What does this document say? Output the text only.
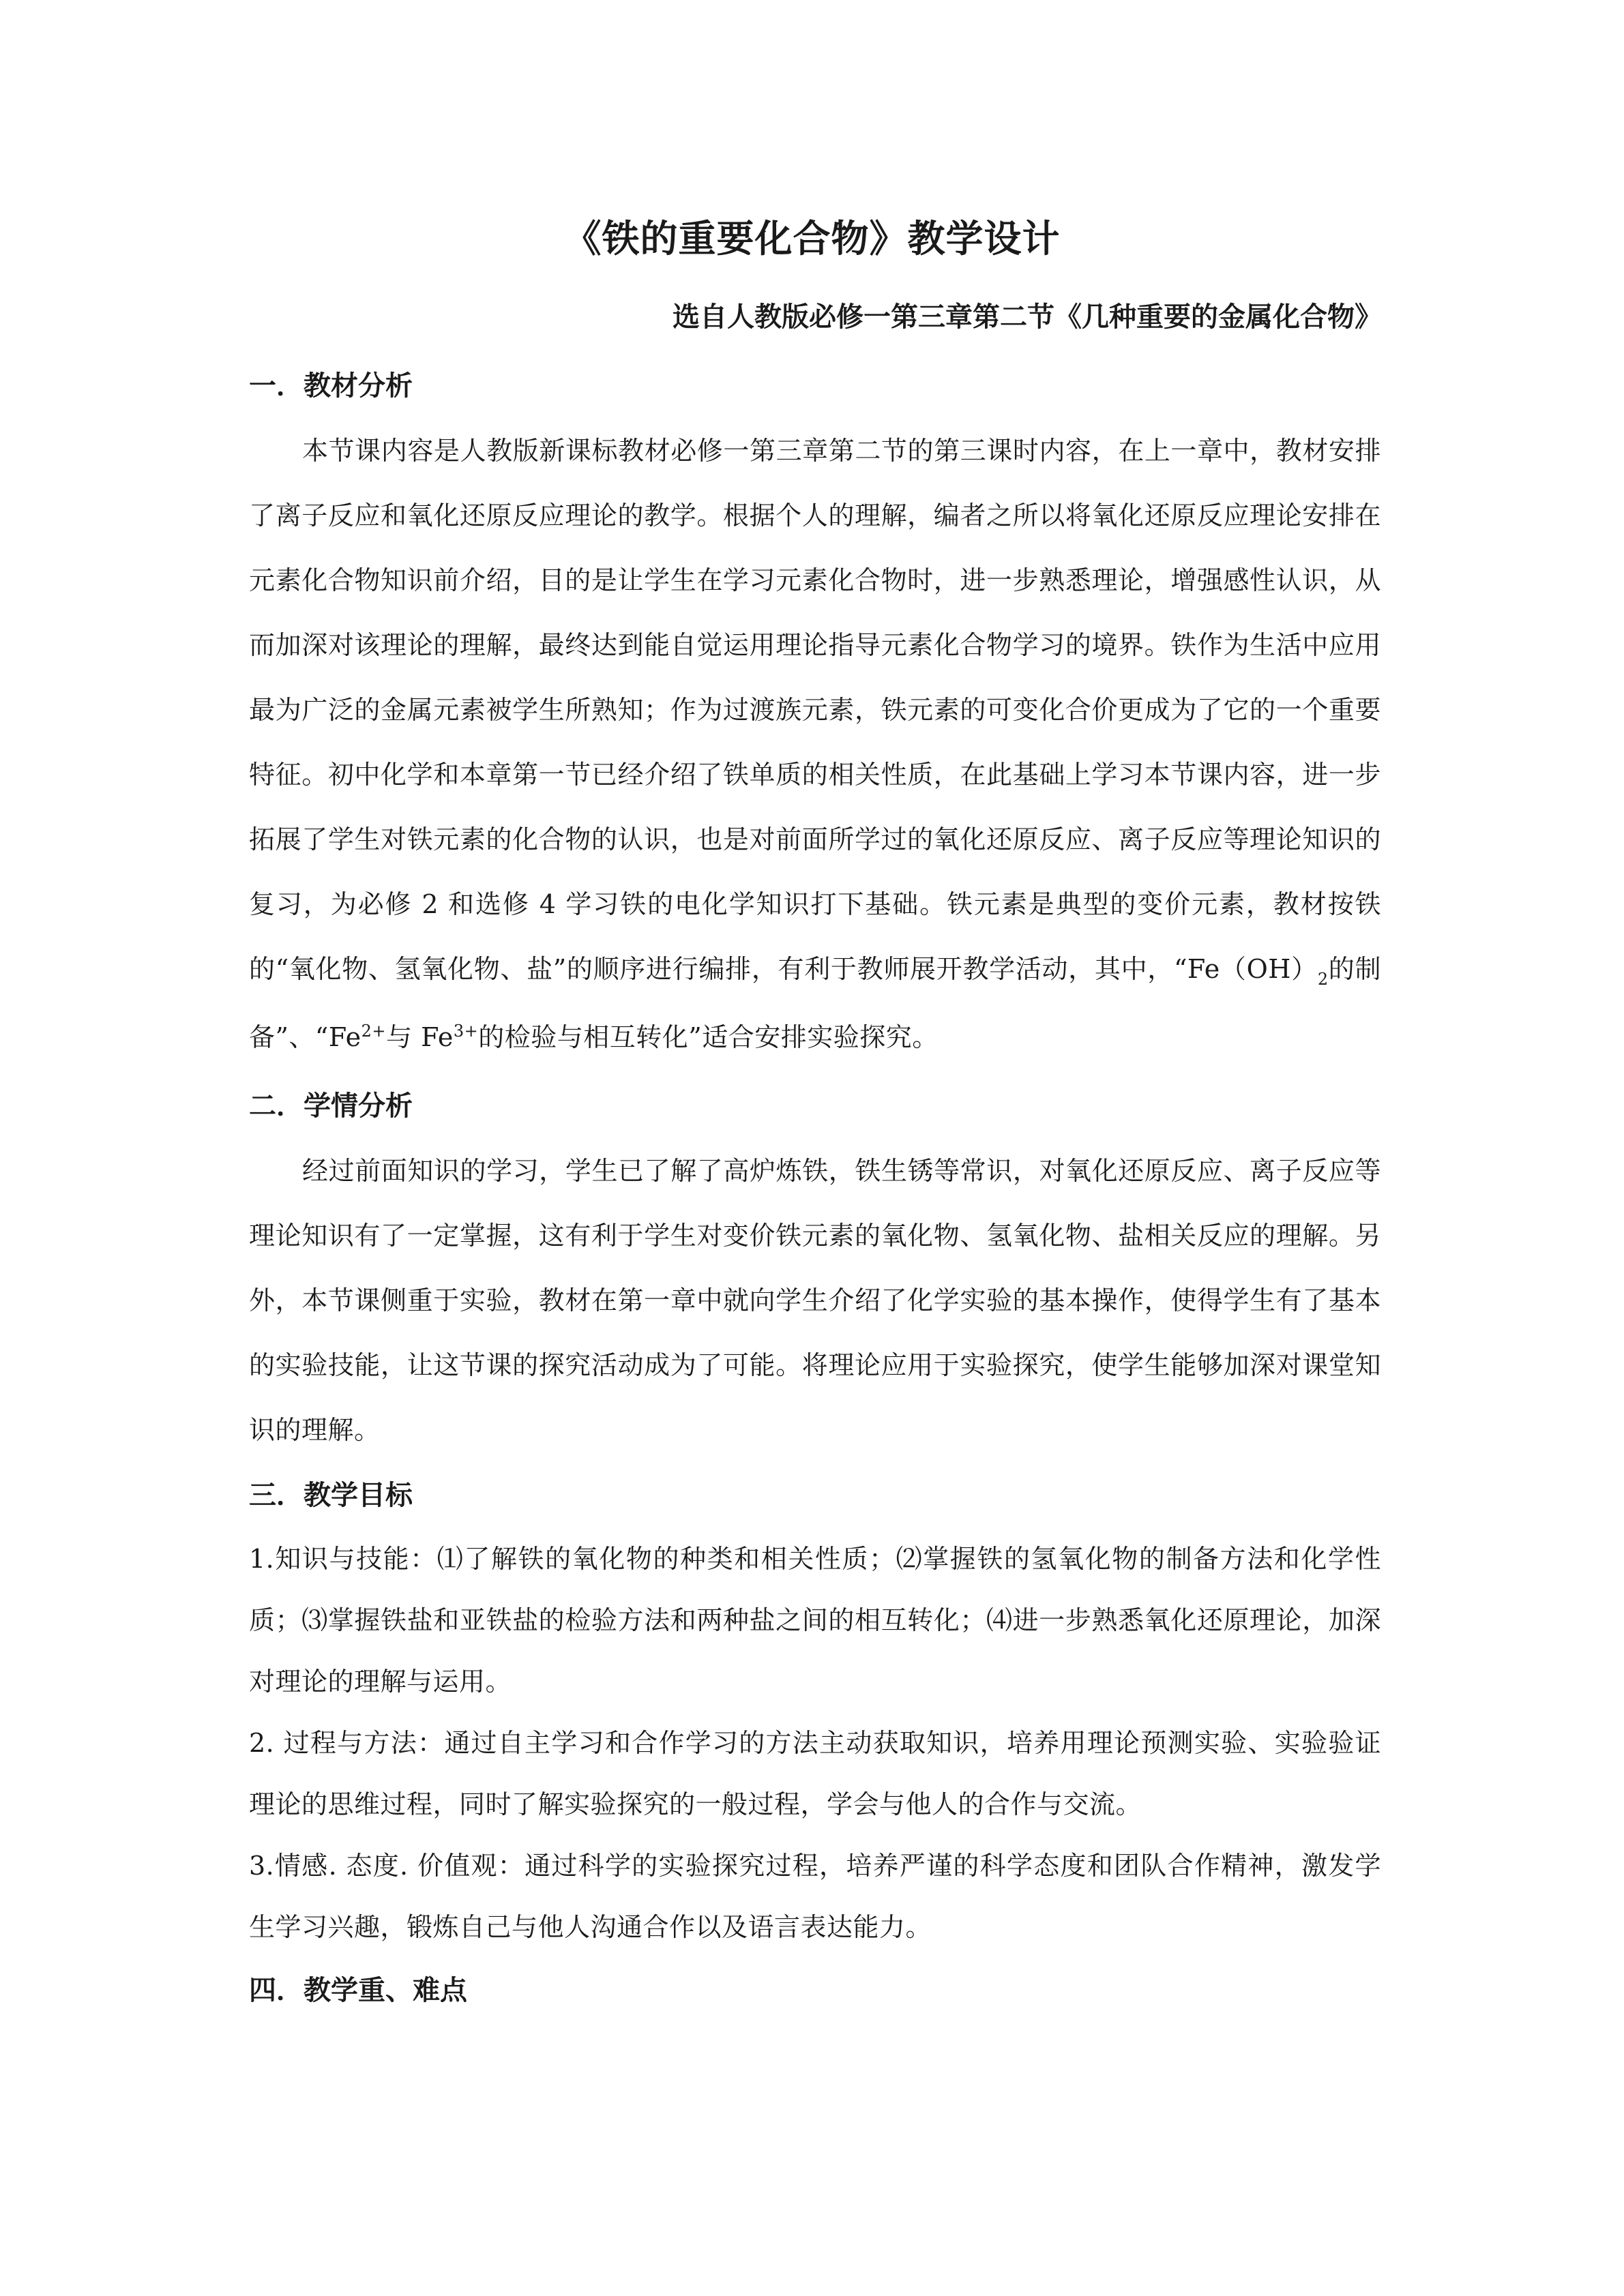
《铁的重要化合物》教学设计
选自人教版必修一第三章第二节《几种重要的金属化合物》
一．教材分析

本节课内容是人教版新课标教材必修一第三章第二节的第三课时内容，在上一章中，教材安排了离子反应和氧化还原反应理论的教学。根据个人的理解，编者之所以将氧化还原反应理论安排在元素化合物知识前介绍，目的是让学生在学习元素化合物时，进一步熟悉理论，增强感性认识，从而加深对该理论的理解，最终达到能自觉运用理论指导元素化合物学习的境界。铁作为生活中应用最为广泛的金属元素被学生所熟知；作为过渡族元素，铁元素的可变化合价更成为了它的一个重要特征。初中化学和本章第一节已经介绍了铁单质的相关性质，在此基础上学习本节课内容，进一步拓展了学生对铁元素的化合物的认识，也是对前面所学过的氧化还原反应、离子反应等理论知识的复习，为必修 2 和选修 4 学习铁的电化学知识打下基础。铁元素是典型的变价元素，教材按铁的“氧化物、氢氧化物、盐”的顺序进行编排，有利于教师展开教学活动，其中，“$Fe(OH)_2$的制备”、“$Fe^{2+}$与 $Fe^{3+}$的检验与相互转化”适合安排实验探究。

二．学情分析

经过前面知识的学习，学生已了解了高炉炼铁，铁生锈等常识，对氧化还原反应、离子反应等理论知识有了一定掌握，这有利于学生对变价铁元素的氧化物、氢氧化物、盐相关反应的理解。另外，本节课侧重于实验，教材在第一章中就向学生介绍了化学实验的基本操作，使得学生有了基本的实验技能，让这节课的探究活动成为了可能。将理论应用于实验探究，使学生能够加深对课堂知识的理解。

三．教学目标

1.知识与技能：⑴了解铁的氧化物的种类和相关性质；⑵掌握铁的氢氧化物的制备方法和化学性质；⑶掌握铁盐和亚铁盐的检验方法和两种盐之间的相互转化；⑷进一步熟悉氧化还原理论，加深对理论的理解与运用。

2. 过程与方法：通过自主学习和合作学习的方法主动获取知识，培养用理论预测实验、实验验证理论的思维过程，同时了解实验探究的一般过程，学会与他人的合作与交流。

3.情感. 态度. 价值观：通过科学的实验探究过程，培养严谨的科学态度和团队合作精神，激发学生学习兴趣，锻炼自己与他人沟通合作以及语言表达能力。

四．教学重、难点
